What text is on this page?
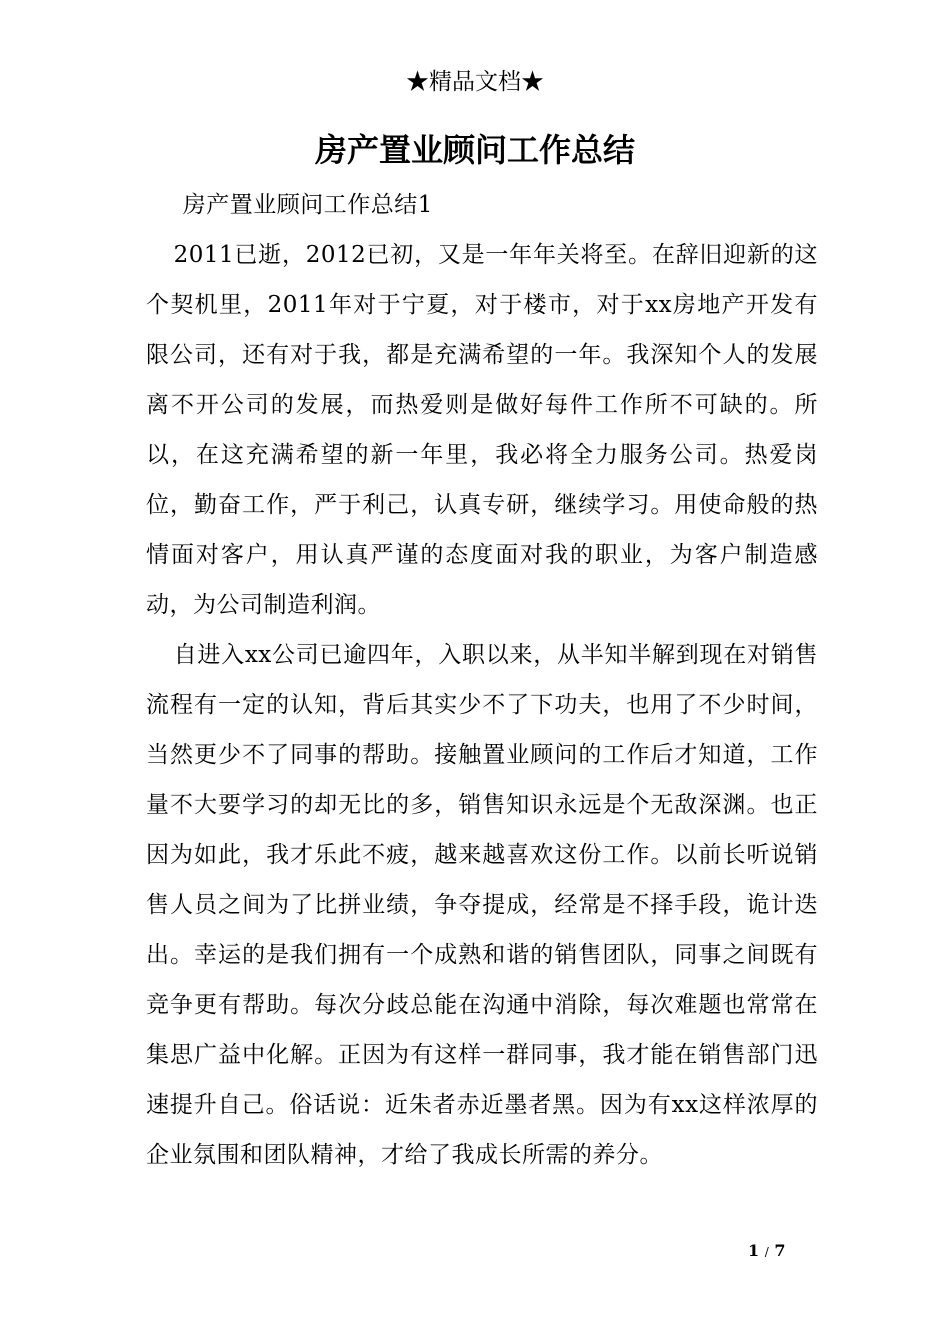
★精品文档★
房产置业顾问工作总结

房产置业顾问工作总结1

2011已逝，2012已初，又是一年年关将至。在辞旧迎新的这个契机里，2011年对于宁夏，对于楼市，对于xx房地产开发有限公司，还有对于我，都是充满希望的一年。我深知个人的发展离不开公司的发展，而热爱则是做好每件工作所不可缺的。所以，在这充满希望的新一年里，我必将全力服务公司。热爱岗位，勤奋工作，严于利己，认真专研，继续学习。用使命般的热情面对客户，用认真严谨的态度面对我的职业，为客户制造感动，为公司制造利润。

自进入xx公司已逾四年，入职以来，从半知半解到现在对销售流程有一定的认知，背后其实少不了下功夫，也用了不少时间，当然更少不了同事的帮助。接触置业顾问的工作后才知道，工作量不大要学习的却无比的多，销售知识永远是个无敌深渊。也正因为如此，我才乐此不疲，越来越喜欢这份工作。以前长听说销售人员之间为了比拼业绩，争夺提成，经常是不择手段，诡计迭出。幸运的是我们拥有一个成熟和谐的销售团队，同事之间既有竞争更有帮助。每次分歧总能在沟通中消除，每次难题也常常在集思广益中化解。正因为有这样一群同事，我才能在销售部门迅速提升自己。俗话说：近朱者赤近墨者黑。因为有xx这样浓厚的企业氛围和团队精神，才给了我成长所需的养分。

1 / 7
